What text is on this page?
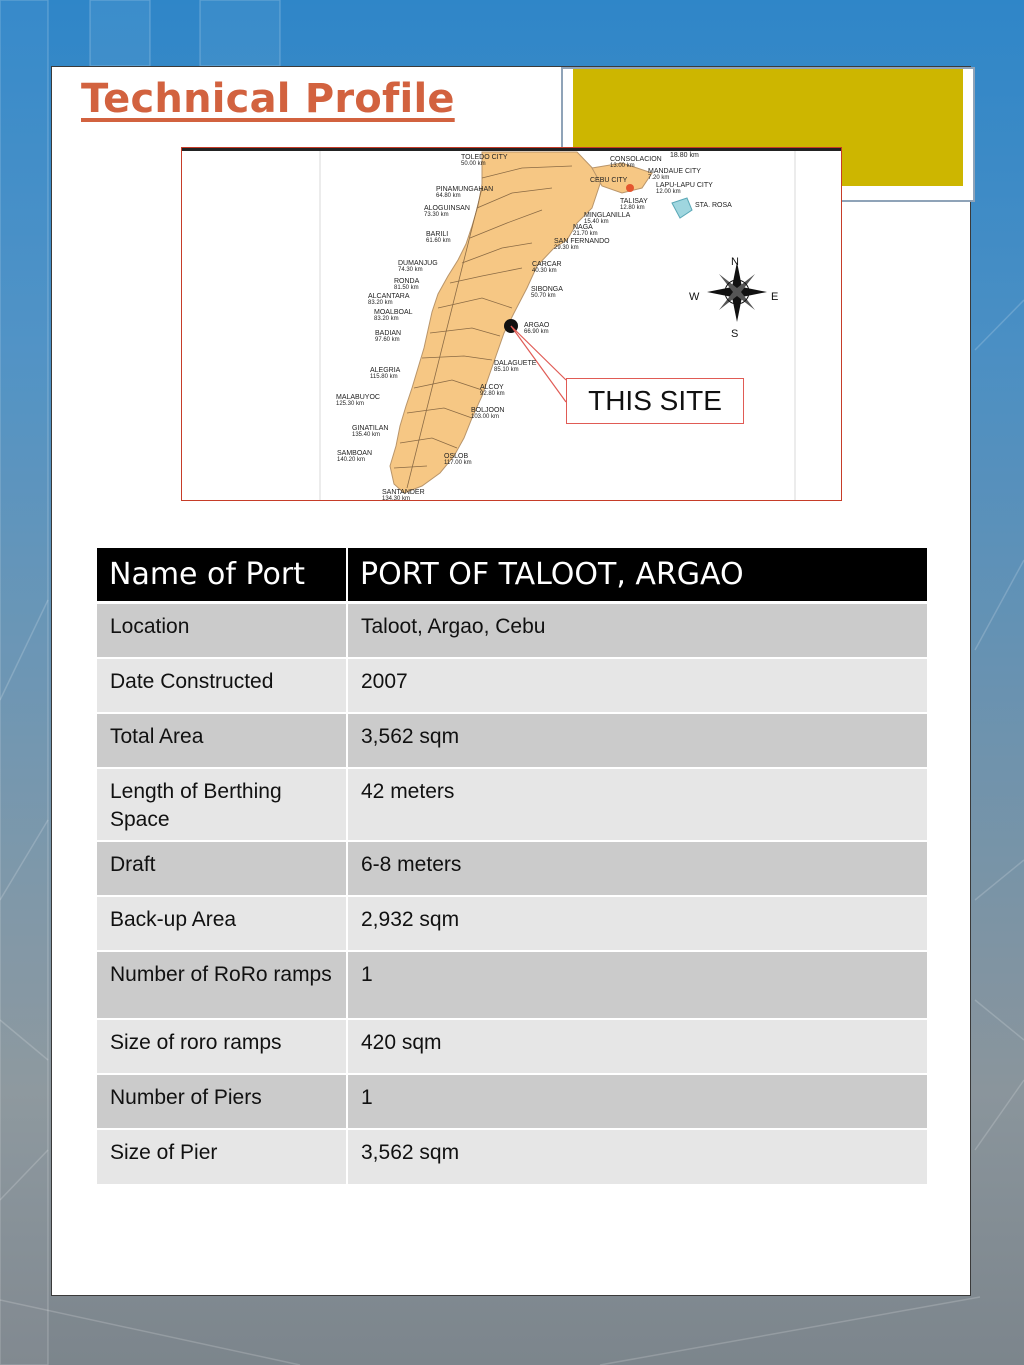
Technical Profile
N
S
E
W
TOLEDO CITY
50.00 km
CONSOLACION
13.00 km
18.80 km
MANDAUE CITY
7.20 km
CEBU CITY
LAPU-LAPU CITY
12.00 km
PINAMUNGAHAN
64.80 km
TALISAY
12.80 km	STA. ROSA
ALOGUINSAN
73.30 km	MINGLANILLA
15.40 km
NAGA
21.70 km
BARILI
61.60 km	SAN FERNANDO
29.30 km
DUMANJUG
74.30 km
CARCAR
40.30 km
RONDA
81.50 km
ALCANTARA
83.20 km
SIBONGA
50.70 km
MOALBOAL
83.20 km
ARGAO
66.90 km
BADIAN
97.60 km
DALAGUETE
85.10 km
ALEGRIA
115.80 km
ALCOY
92.80 km
MALABUYOC
125.30 km
BOLJOON
103.00 km
GINATILAN
135.40 km
SAMBOAN
140.20 km	OSLOB
117.00 km
SANTANDER
134.30 km
THIS SITE
Name of Port	PORT OF TALOOT, ARGAO
Location	Taloot, Argao, Cebu
Date Constructed	2007
Total Area	3,562 sqm
Length of Berthing Space	42 meters
Draft	6-8 meters
Back-up Area	2,932 sqm
Number of RoRo ramps	1
Size of roro ramps	420 sqm
Number of Piers	1
Size of Pier	3,562 sqm
